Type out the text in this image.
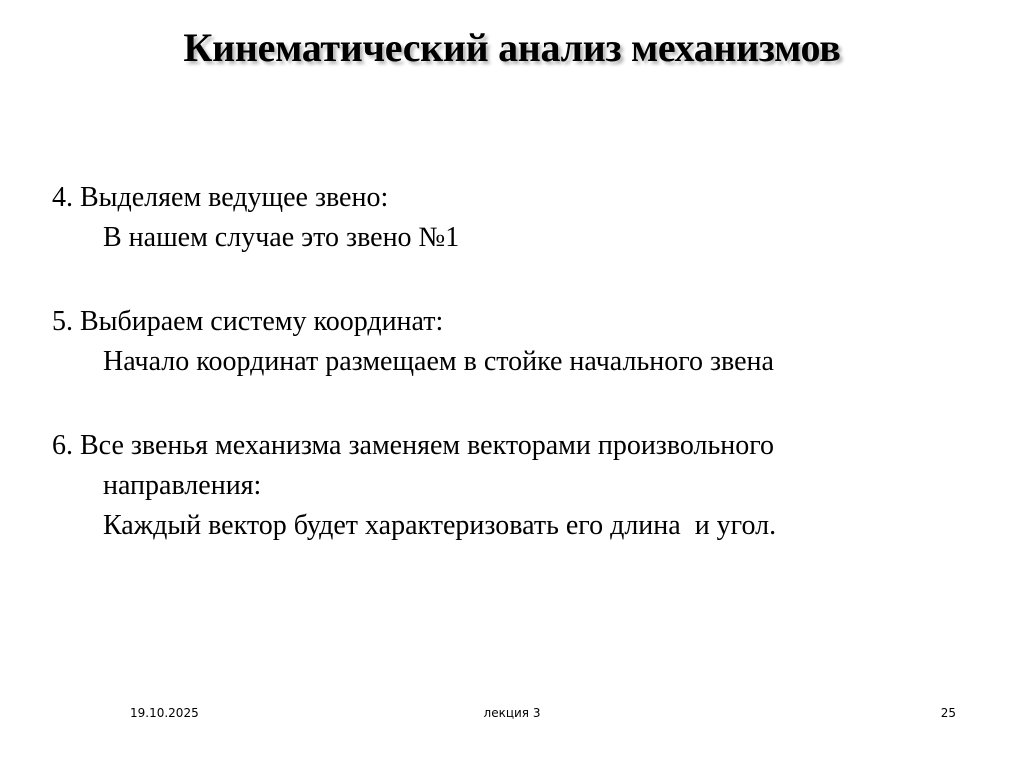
Кинематический анализ механизмов
4. Выделяем ведущее звено:
В нашем случае это звено №1
5. Выбираем систему координат:
Начало координат размещаем в стойке начального звена
6. Все звенья механизма заменяем векторами произвольного
направления:
Каждый вектор будет характеризовать его длина  и угол.
19.10.2025	лекция 3	25
